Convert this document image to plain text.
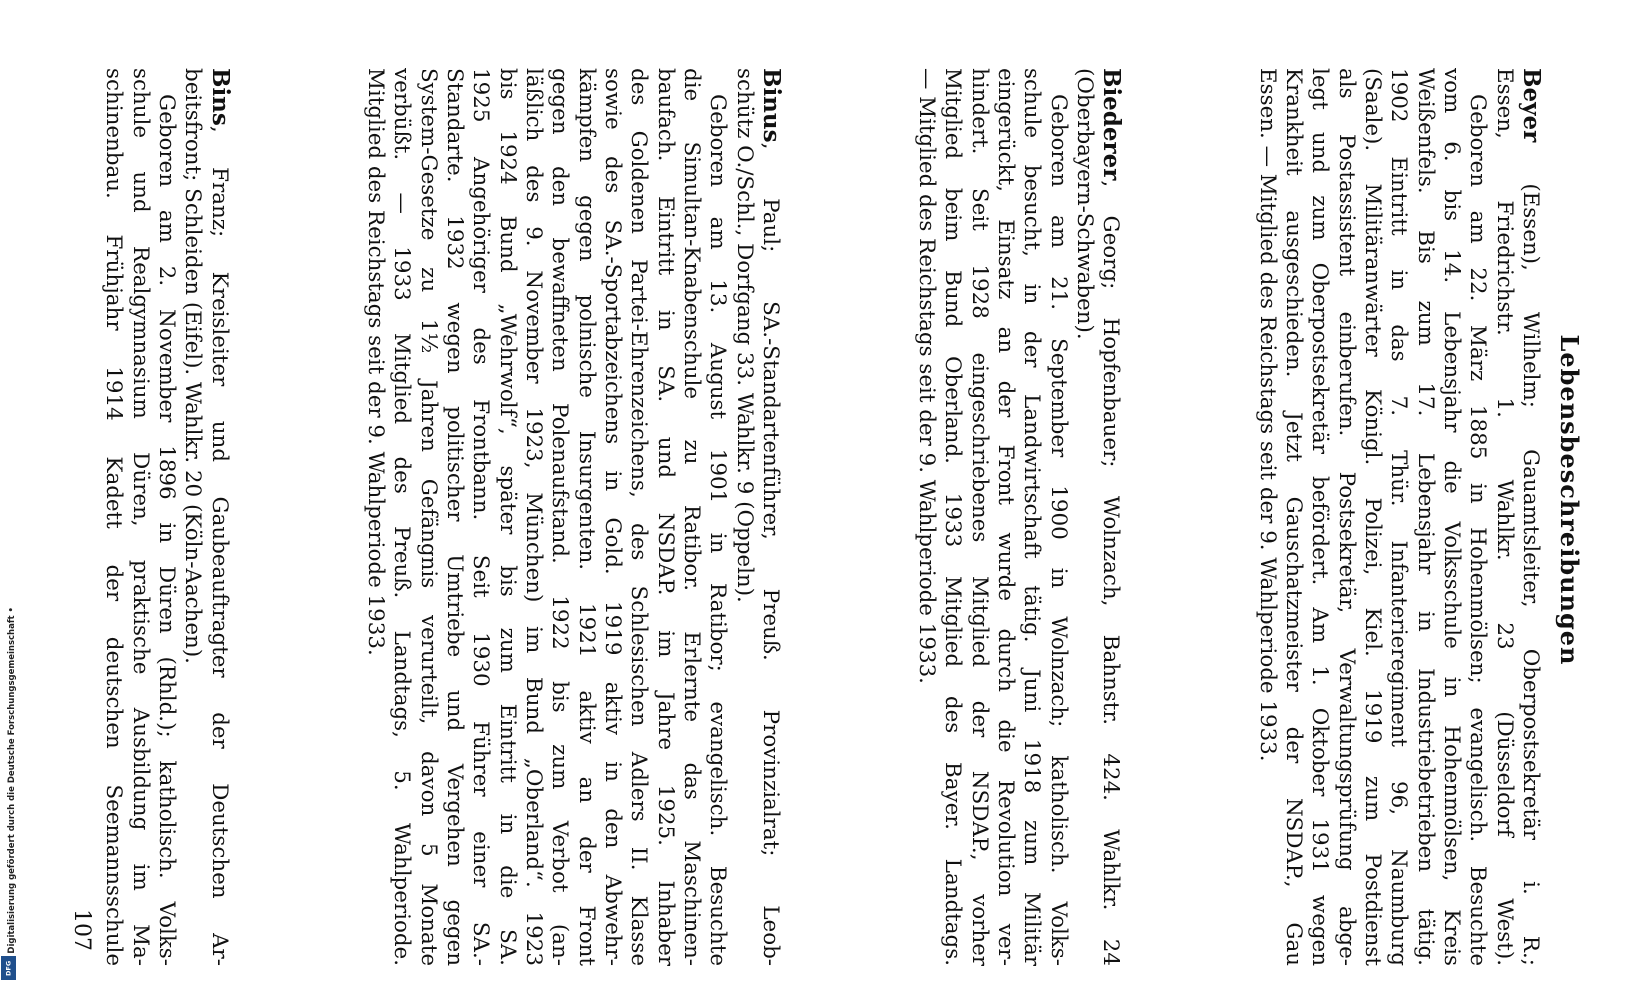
Lebensbeschreibungen
Beyer (Essen), Wilhelm; Gauamtsleiter, Oberpostsekretär i. R.;
Essen, Friedrichstr. 1. Wahlkr. 23 (Düsseldorf West).
Geboren am 22. März 1885 in Hohenmölsen; evangelisch. Besuchte
vom 6. bis 14. Lebensjahr die Volksschule in Hohenmölsen, Kreis
Weißenfels. Bis zum 17. Lebensjahr in Industriebetrieben tätig.
1902 Eintritt in das 7. Thür. Infanterieregiment 96, Naumburg
(Saale). Militäranwärter Königl. Polizei, Kiel. 1919 zum Postdienst
als Postassistent einberufen. Postsekretär, Verwaltungsprüfung abge-
legt und zum Oberpostsekretär befördert. Am 1. Oktober 1931 wegen
Krankheit ausgeschieden. Jetzt Gauschatzmeister der NSDAP., Gau
Essen. — Mitglied des Reichstags seit der 9. Wahlperiode 1933.
Biederer, Georg; Hopfenbauer; Wolnzach, Bahnstr. 424. Wahlkr. 24
(Oberbayern-Schwaben).
Geboren am 21. September 1900 in Wolnzach; katholisch. Volks-
schule besucht, in der Landwirtschaft tätig. Juni 1918 zum Militär
eingerückt, Einsatz an der Front wurde durch die Revolution ver-
hindert. Seit 1928 eingeschriebenes Mitglied der NSDAP., vorher
Mitglied beim Bund Oberland. 1933 Mitglied des Bayer. Landtags.
— Mitglied des Reichstags seit der 9. Wahlperiode 1933.
Binus, Paul; SA.-Standartenführer, Preuß. Provinzialrat; Leob-
schütz O./Schl., Dorfgang 33. Wahlkr. 9 (Oppeln).
Geboren am 13. August 1901 in Ratibor; evangelisch. Besuchte
die Simultan-Knabenschule zu Ratibor. Erlernte das Maschinen-
baufach. Eintritt in SA. und NSDAP. im Jahre 1925. Inhaber
des Goldenen Partei-Ehrenzeichens, des Schlesischen Adlers II. Klasse
sowie des SA.-Sportabzeichens in Gold. 1919 aktiv in den Abwehr-
kämpfen gegen polnische Insurgenten. 1921 aktiv an der Front
gegen den bewaffneten Polenaufstand. 1922 bis zum Verbot (an-
läßlich des 9. November 1923, München) im Bund „Oberland“. 1923
bis 1924 Bund „Wehrwolf“, später bis zum Eintritt in die SA.
1925 Angehöriger des Frontbann. Seit 1930 Führer einer SA.-
Standarte. 1932 wegen politischer Umtriebe und Vergehen gegen
System-Gesetze zu 1½ Jahren Gefängnis verurteilt, davon 5 Monate
verbüßt. — 1933 Mitglied des Preuß. Landtags, 5. Wahlperiode.
Mitglied des Reichstags seit der 9. Wahlperiode 1933.
Bins, Franz; Kreisleiter und Gaubeauftragter der Deutschen Ar-
beitsfront; Schleiden (Eifel). Wahlkr. 20 (Köln-Aachen).
Geboren am 2. November 1896 in Düren (Rhld.); katholisch. Volks-
schule und Realgymnasium Düren, praktische Ausbildung im Ma-
schinenbau. Frühjahr 1914 Kadett der deutschen Seemannsschule
107
Digitalisierung gefördert durch die Deutsche Forschungsgemeinschaft •
DFG
